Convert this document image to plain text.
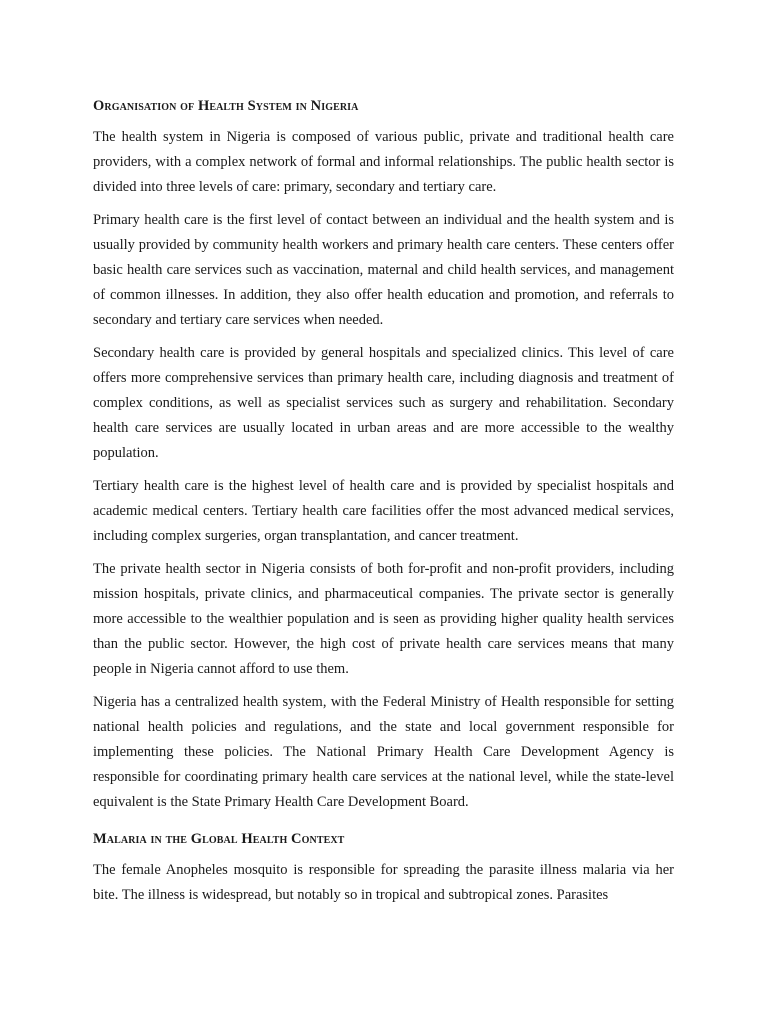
Organisation of Health System in Nigeria

The health system in Nigeria is composed of various public, private and traditional health care providers, with a complex network of formal and informal relationships. The public health sector is divided into three levels of care: primary, secondary and tertiary care.

Primary health care is the first level of contact between an individual and the health system and is usually provided by community health workers and primary health care centers. These centers offer basic health care services such as vaccination, maternal and child health services, and management of common illnesses. In addition, they also offer health education and promotion, and referrals to secondary and tertiary care services when needed.

Secondary health care is provided by general hospitals and specialized clinics. This level of care offers more comprehensive services than primary health care, including diagnosis and treatment of complex conditions, as well as specialist services such as surgery and rehabilitation. Secondary health care services are usually located in urban areas and are more accessible to the wealthy population.

Tertiary health care is the highest level of health care and is provided by specialist hospitals and academic medical centers. Tertiary health care facilities offer the most advanced medical services, including complex surgeries, organ transplantation, and cancer treatment.

The private health sector in Nigeria consists of both for-profit and non-profit providers, including mission hospitals, private clinics, and pharmaceutical companies. The private sector is generally more accessible to the wealthier population and is seen as providing higher quality health services than the public sector. However, the high cost of private health care services means that many people in Nigeria cannot afford to use them.

Nigeria has a centralized health system, with the Federal Ministry of Health responsible for setting national health policies and regulations, and the state and local government responsible for implementing these policies. The National Primary Health Care Development Agency is responsible for coordinating primary health care services at the national level, while the state-level equivalent is the State Primary Health Care Development Board.

Malaria in the Global Health Context

The female Anopheles mosquito is responsible for spreading the parasite illness malaria via her bite. The illness is widespread, but notably so in tropical and subtropical zones. Parasites
